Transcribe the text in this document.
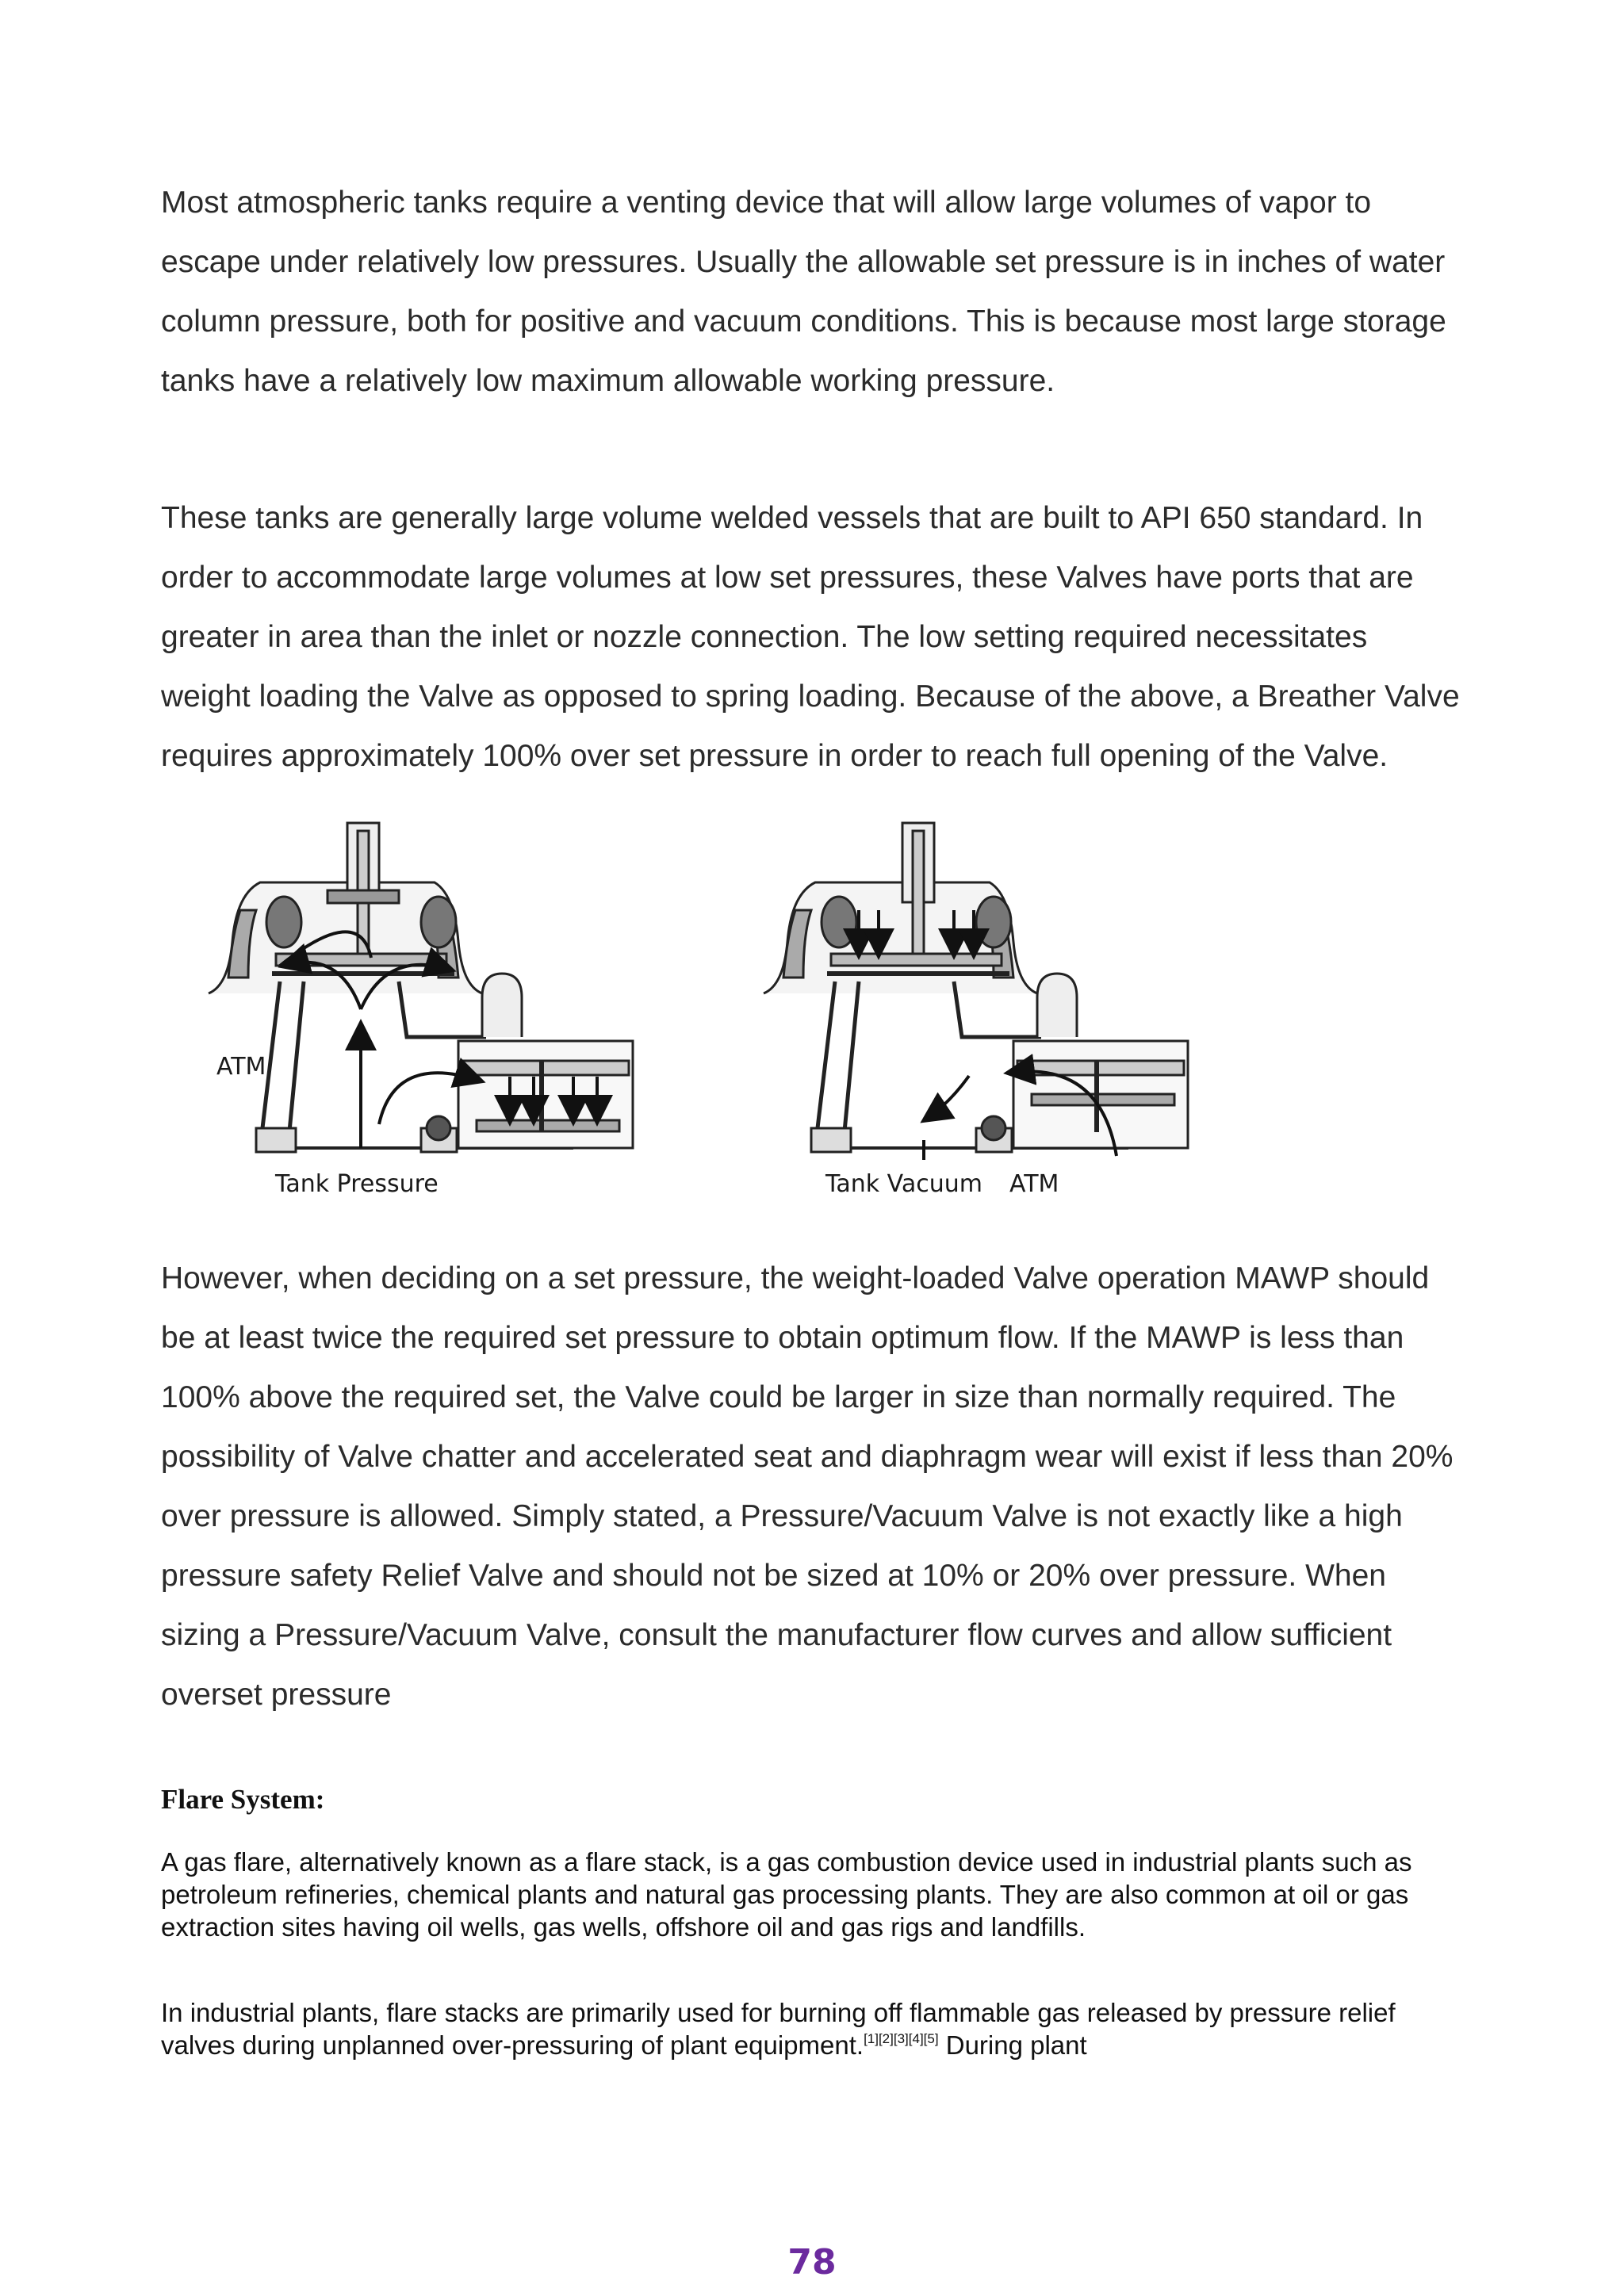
Most atmospheric tanks require a venting device that will allow large volumes of vapor to escape under relatively low pressures. Usually the allowable set pressure is in inches of water column pressure, both for positive and vacuum conditions. This is because most large storage tanks have a relatively low maximum allowable working pressure.

These tanks are generally large volume welded vessels that are built to API 650 standard. In order to accommodate large volumes at low set pressures, these Valves have ports that are greater in area than the inlet or nozzle connection. The low setting required necessitates weight loading the Valve as opposed to spring loading. Because of the above, a Breather Valve requires approximately 100% over set pressure in order to reach full opening of the Valve.

ATM
Tank Pressure	Tank Vacuum ATM

However, when deciding on a set pressure, the weight-loaded Valve operation MAWP should be at least twice the required set pressure to obtain optimum flow. If the MAWP is less than 100% above the required set, the Valve could be larger in size than normally required. The possibility of Valve chatter and accelerated seat and diaphragm wear will exist if less than 20% over pressure is allowed. Simply stated, a Pressure/Vacuum Valve is not exactly like a high pressure safety Relief Valve and should not be sized at 10% or 20% over pressure. When sizing a Pressure/Vacuum Valve, consult the manufacturer flow curves and allow sufficient overset pressure

Flare System:

A gas flare, alternatively known as a flare stack, is a gas combustion device used in industrial plants such as petroleum refineries, chemical plants and natural gas processing plants. They are also common at oil or gas extraction sites having oil wells, gas wells, offshore oil and gas rigs and landfills.

In industrial plants, flare stacks are primarily used for burning off flammable gas released by pressure relief valves during unplanned over-pressuring of plant equipment.[1][2][3][4][5] During plant

78
